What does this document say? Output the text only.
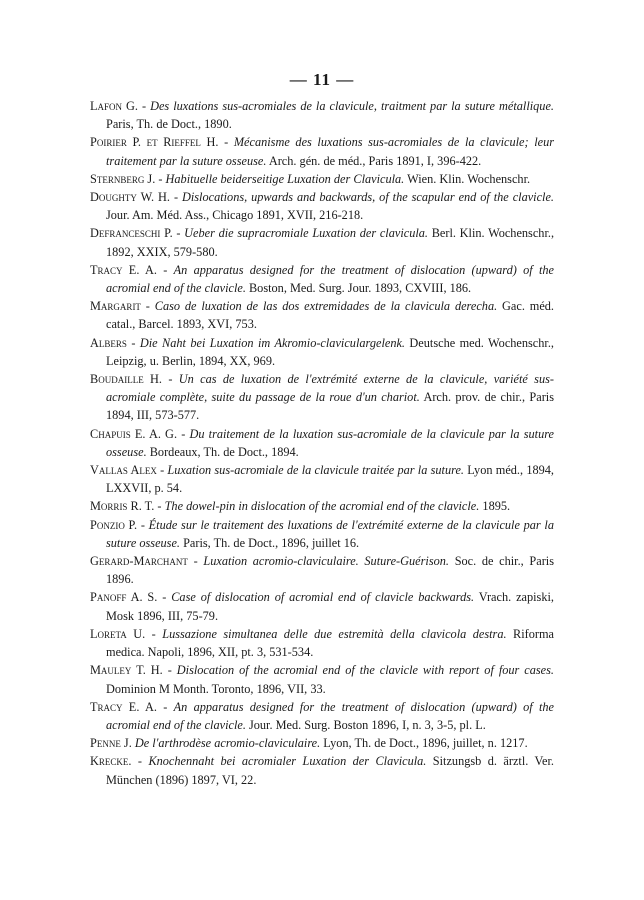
— 11 —

Lafon G. - Des luxations sus-acromiales de la clavicule, traitment par la suture métallique. Paris, Th. de Doct., 1890.

Poirier P. et Rieffel H. - Mécanisme des luxations sus-acromiales de la clavicule; leur traitement par la suture osseuse. Arch. gén. de méd., Paris 1891, I, 396-422.

Sternberg J. - Habituelle beiderseitige Luxation der Clavicula. Wien. Klin. Wochenschr.

Doughty W. H. - Dislocations, upwards and backwards, of the scapular end of the clavicle. Jour. Am. Méd. Ass., Chicago 1891, XVII, 216-218.

Defranceschi P. - Ueber die supracromiale Luxation der clavicula. Berl. Klin. Wochenschr., 1892, XXIX, 579-580.

Tracy E. A. - An apparatus designed for the treatment of dislocation (upward) of the acromial end of the clavicle. Boston, Med. Surg. Jour. 1893, CXVIII, 186.

Margarit - Caso de luxation de las dos extremidades de la clavicula derecha. Gac. méd. catal., Barcel. 1893, XVI, 753.

Albers - Die Naht bei Luxation im Akromio-claviculargelenk. Deutsche med. Wochenschr., Leipzig, u. Berlin, 1894, XX, 969.

Boudaille H. - Un cas de luxation de l'extrémité externe de la clavicule, variété sus-acromiale complète, suite du passage de la roue d'un chariot. Arch. prov. de chir., Paris 1894, III, 573-577.

Chapuis E. A. G. - Du traitement de la luxation sus-acromiale de la clavicule par la suture osseuse. Bordeaux, Th. de Doct., 1894.

Vallas Alex - Luxation sus-acromiale de la clavicule traitée par la suture. Lyon méd., 1894, LXXVII, p. 54.

Morris R. T. - The dowel-pin in dislocation of the acromial end of the clavicle. 1895.

Ponzio P. - Étude sur le traitement des luxations de l'extrémité externe de la clavicule par la suture osseuse. Paris, Th. de Doct., 1896, juillet 16.

Gerard-Marchant - Luxation acromio-claviculaire. Suture-Guérison. Soc. de chir., Paris 1896.

Panoff A. S. - Case of dislocation of acromial end of clavicle backwards. Vrach. zapiski, Mosk 1896, III, 75-79.

Loreta U. - Lussazione simultanea delle due estremità della clavicola destra. Riforma medica. Napoli, 1896, XII, pt. 3, 531-534.

Mauley T. H. - Dislocation of the acromial end of the clavicle with report of four cases. Dominion M Month. Toronto, 1896, VII, 33.

Tracy E. A. - An apparatus designed for the treatment of dislocation (upward) of the acromial end of the clavicle. Jour. Med. Surg. Boston 1896, I, n. 3, 3-5, pl. L.

Penne J. De l'arthrodèse acromio-claviculaire. Lyon, Th. de Doct., 1896, juillet, n. 1217.

Krecke. - Knochennaht bei acromialer Luxation der Clavicula. Sitzungsb d. ärztl. Ver. München (1896) 1897, VI, 22.
